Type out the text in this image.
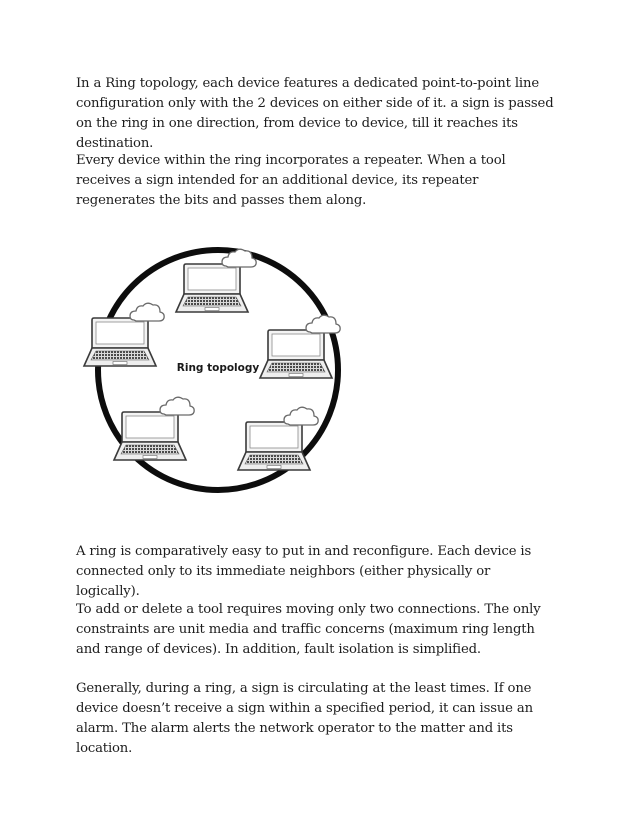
In a Ring topology, each device features a dedicated point-to-point line configuration only with the 2 devices on either side of it. a sign is passed on the ring in one direction, from device to device, till it reaches its destination.

Every device within the ring incorporates a repeater. When a tool receives a sign intended for an additional device, its repeater regenerates the bits and passes them along.

Ring topology

A ring is comparatively easy to put in and reconfigure. Each device is connected only to its immediate neighbors (either physically or logically).

To add or delete a tool requires moving only two connections. The only constraints are unit media and traffic concerns (maximum ring length and range of devices). In addition, fault isolation is simplified.

Generally, during a ring, a sign is circulating at the least times. If one device doesn’t receive a sign within a specified period, it can issue an alarm. The alarm alerts the network operator to the matter and its location.
